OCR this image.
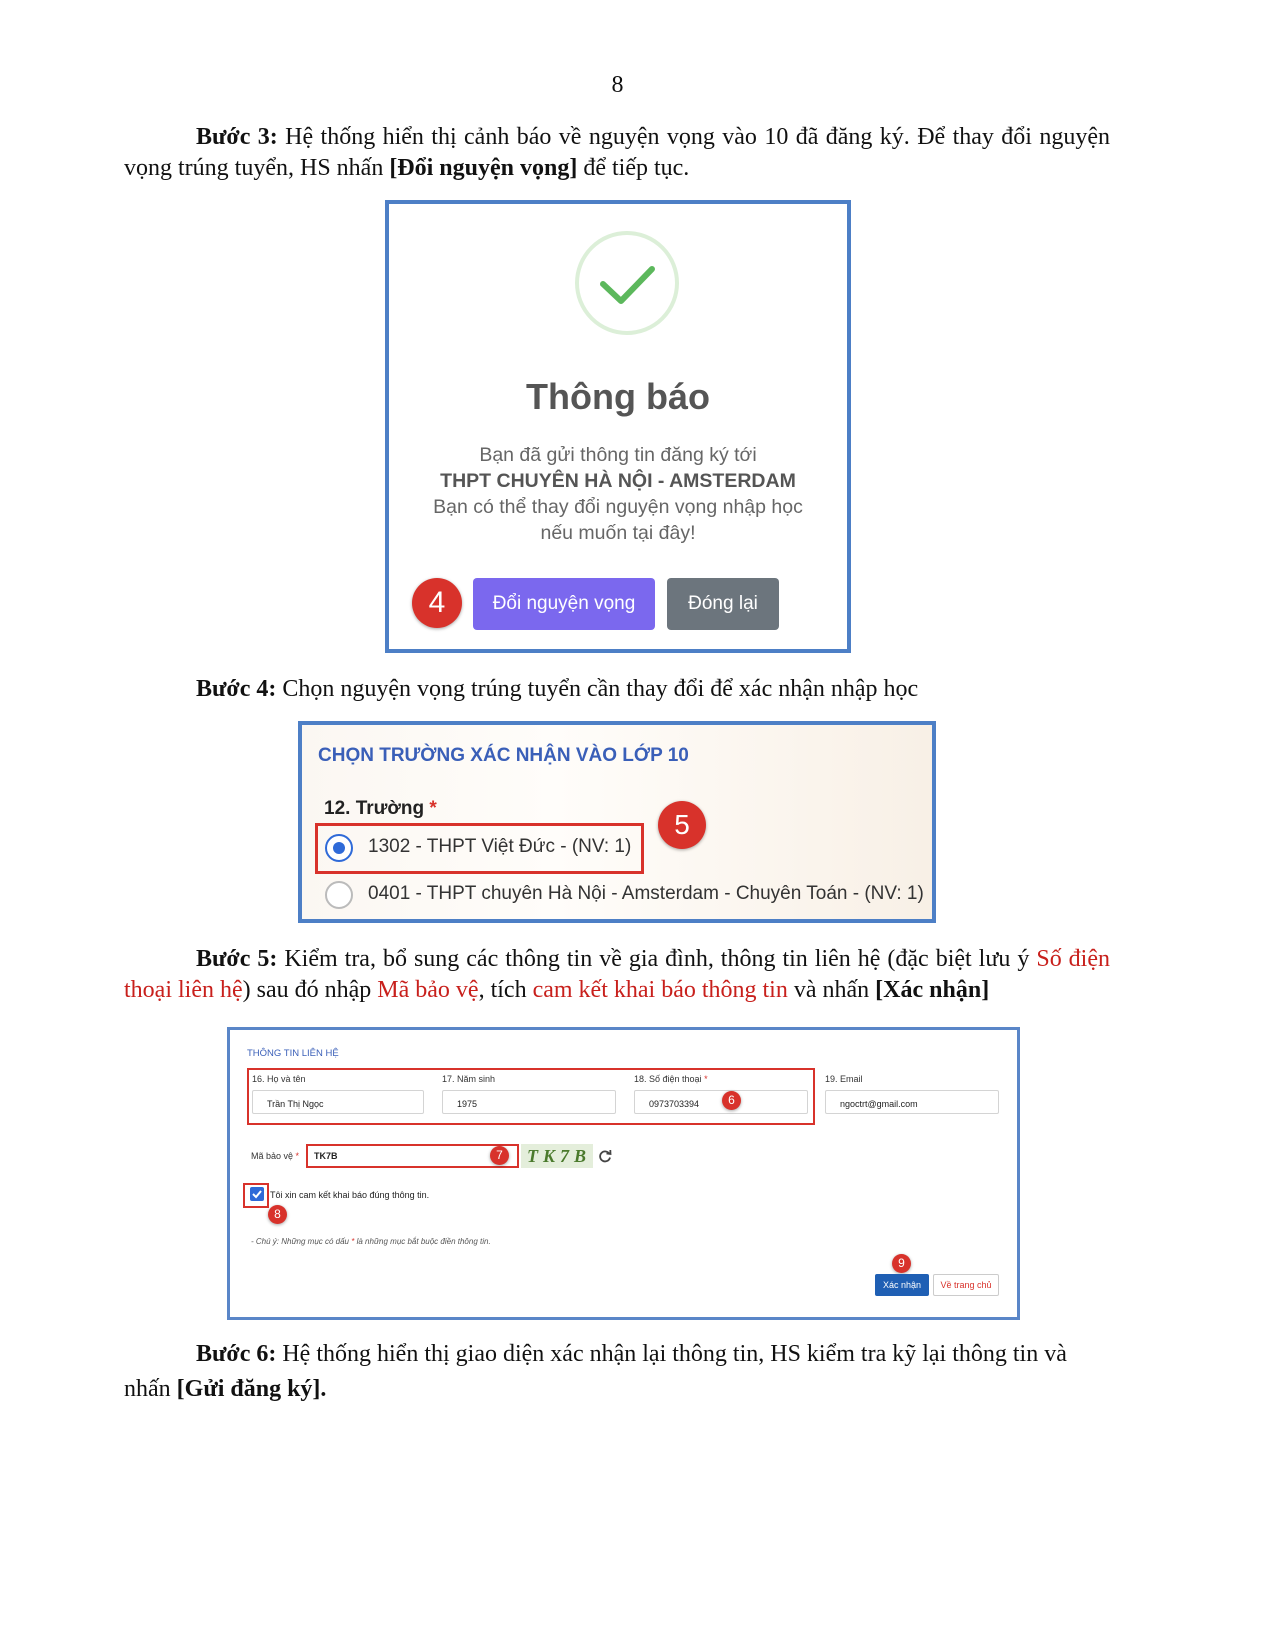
8
Bước 3: Hệ thống hiển thị cảnh báo về nguyện vọng vào 10 đã đăng ký. Để thay đổi nguyện vọng trúng tuyển, HS nhấn [Đổi nguyện vọng] để tiếp tục.
Thông báo
Bạn đã gửi thông tin đăng ký tới
THPT CHUYÊN HÀ NỘI - AMSTERDAM
Bạn có thể thay đổi nguyện vọng nhập học
nếu muốn tại đây!
4	Đổi nguyện vọng	Đóng lại
Bước 4: Chọn nguyện vọng trúng tuyển cần thay đổi để xác nhận nhập học
CHỌN TRƯỜNG XÁC NHẬN VÀO LỚP 10
12. Trường *
1302 - THPT Việt Đức - (NV: 1)
5
0401 - THPT chuyên Hà Nội - Amsterdam - Chuyên Toán - (NV: 1)
Bước 5: Kiểm tra, bổ sung các thông tin về gia đình, thông tin liên hệ (đặc biệt lưu ý Số điện thoại liên hệ) sau đó nhập Mã bảo vệ, tích cam kết khai báo thông tin và nhấn [Xác nhận]
THÔNG TIN LIÊN HỆ
16. Họ và tên
Trần Thị Ngọc
17. Năm sinh
1975
18. Số điện thoại *
0973703394	6
19. Email
ngoctrt@gmail.com
Mã bảo vệ *	TK7B	7	TK7B
Tôi xin cam kết khai báo đúng thông tin.
8
- Chú ý: Những mục có dấu * là những mục bắt buộc điền thông tin.
9
Xác nhận	Về trang chủ
Bước 6: Hệ thống hiển thị giao diện xác nhận lại thông tin, HS kiểm tra kỹ lại thông tin và nhấn [Gửi đăng ký].
